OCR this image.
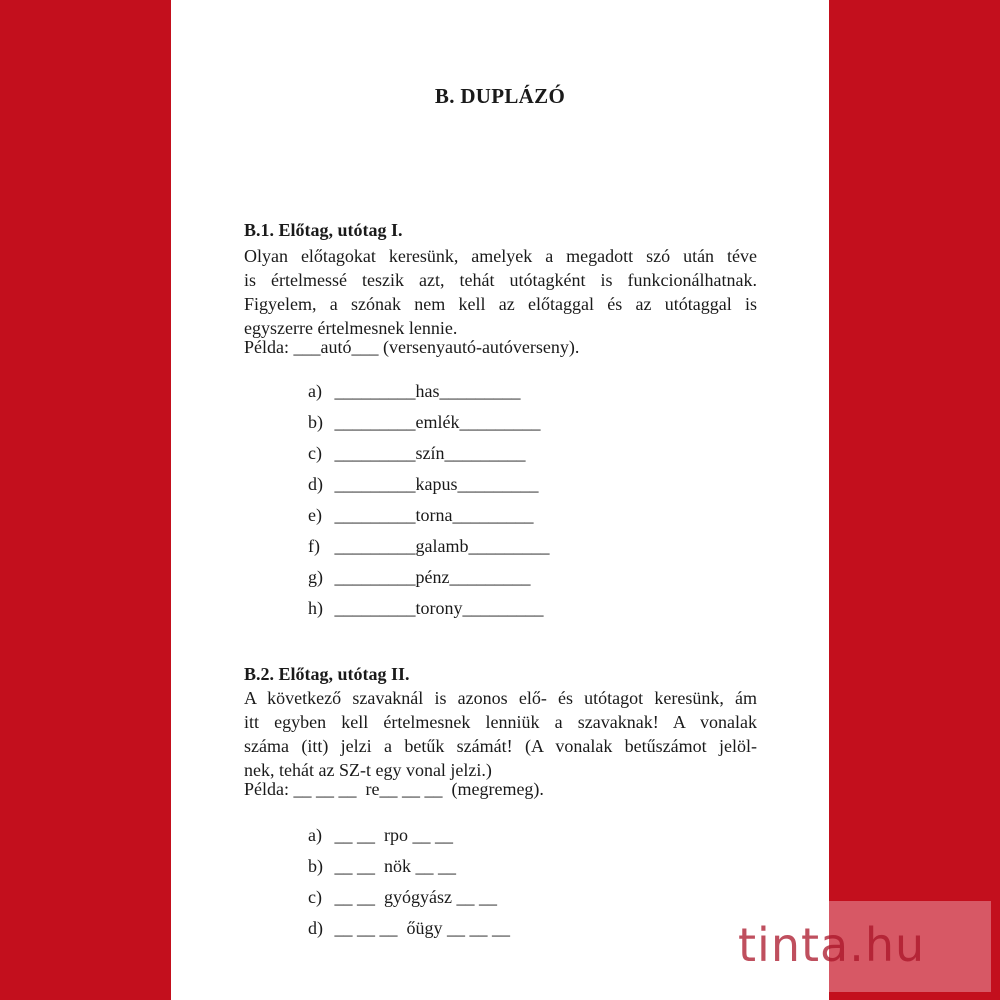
B. DUPLÁZÓ
B.1. Előtag, utótag I.
Olyan előtagokat keresünk, amelyek a megadott szó után téve
is értelmessé teszik azt, tehát utótagként is funkcionálhatnak.
Figyelem, a szónak nem kell az előtaggal és az utótaggal is
egyszerre értelmesnek lennie.
Példa: ___autó___ (versenyautó-autóverseny).
a) _________has_________
b) _________emlék_________
c) _________szín_________
d) _________kapus_________
e) _________torna_________
f) _________galamb_________
g) _________pénz_________
h) _________torony_________
B.2. Előtag, utótag II.
A következő szavaknál is azonos elő- és utótagot keresünk, ám
itt egyben kell értelmesnek lenniük a szavaknak! A vonalak
száma (itt) jelzi a betűk számát! (A vonalak betűszámot jelöl-
nek, tehát az SZ-t egy vonal jelzi.)
Példa: __ __ __  re__ __ __  (megremeg).
a) __ __  rpo __ __
b) __ __  nök __ __
c) __ __  gyógyász __ __
d) __ __ __  őügy __ __ __	tinta.hu
